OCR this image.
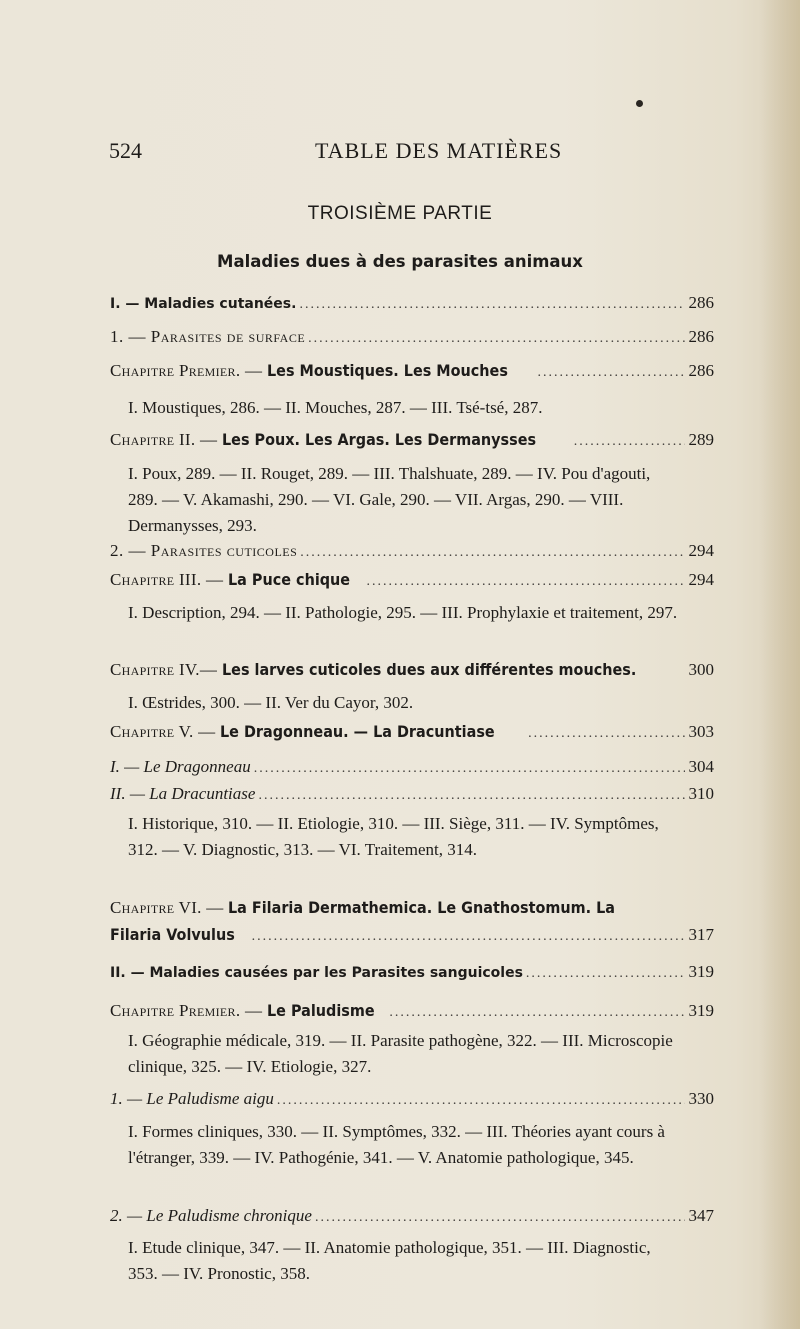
524	TABLE DES MATIÈRES
TROISIÈME PARTIE
Maladies dues à des parasites animaux
I. — Maladies cutanées. .....	286
1. — Parasites de surface .....	286
Chapitre Premier. — Les Moustiques. Les Mouches .....	286
I. Moustiques, 286. — II. Mouches, 287. — III. Tsé-tsé, 287.
Chapitre II. — Les Poux. Les Argas. Les Dermanysses .....	289
I. Poux, 289. — II. Rouget, 289. — III. Thalshuate, 289. — IV. Pou d'agouti, 289. — V. Akamashi, 290. — VI. Gale, 290. — VII. Argas, 290. — VIII. Dermanysses, 293.
2. — Parasites cuticoles .....	294
Chapitre III. — La Puce chique .....	294
I. Description, 294. — II. Pathologie, 295. — III. Prophylaxie et traitement, 297.
Chapitre IV.— Les larves cuticoles dues aux différentes mouches.	300
I. Œstrides, 300. — II. Ver du Cayor, 302.
Chapitre V. — Le Dragonneau. — La Dracuntiase .....	303
I. — Le Dragonneau .....	304
II. — La Dracuntiase .....	310
I. Historique, 310. — II. Etiologie, 310. — III. Siège, 311. — IV. Symptômes, 312. — V. Diagnostic, 313. — VI. Traitement, 314.
Chapitre VI. — La Filaria Dermathemica. Le Gnathostomum. La
Filaria Volvulus .....	317
II. — Maladies causées par les Parasites sanguicoles .....	319
Chapitre Premier. — Le Paludisme .....	319
I. Géographie médicale, 319. — II. Parasite pathogène, 322. — III. Microscopie clinique, 325. — IV. Etiologie, 327.
1. — Le Paludisme aigu .....	330
I. Formes cliniques, 330. — II. Symptômes, 332. — III. Théories ayant cours à l'étranger, 339. — IV. Pathogénie, 341. — V. Anatomie pathologique, 345.
2. — Le Paludisme chronique .....	347
I. Etude clinique, 347. — II. Anatomie pathologique, 351. — III. Diagnostic, 353. — IV. Pronostic, 358.
